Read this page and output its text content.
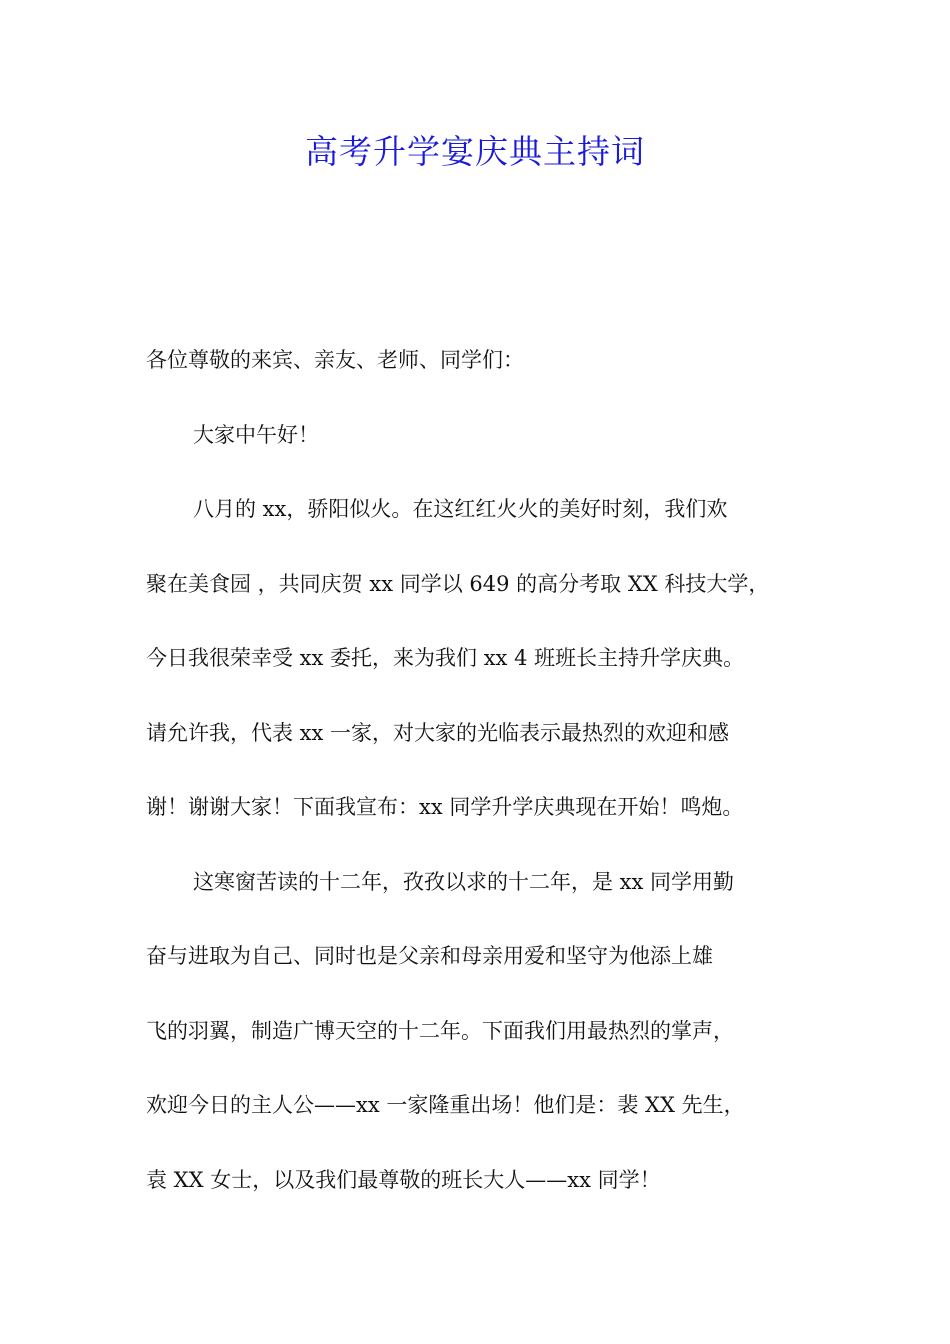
高考升学宴庆典主持词

各位尊敬的来宾、亲友、老师、同学们：

大家中午好！

八月的 xx，骄阳似火。在这红红火火的美好时刻，我们欢

聚在美食园 ，共同庆贺 xx 同学以 649 的高分考取 XX 科技大学，

今日我很荣幸受 xx 委托，来为我们 xx 4 班班长主持升学庆典。

请允许我，代表 xx 一家，对大家的光临表示最热烈的欢迎和感

谢！谢谢大家！下面我宣布：xx 同学升学庆典现在开始！鸣炮。

这寒窗苦读的十二年，孜孜以求的十二年，是 xx 同学用勤

奋与进取为自己、同时也是父亲和母亲用爱和坚守为他添上雄

飞的羽翼，制造广博天空的十二年。下面我们用最热烈的掌声，

欢迎今日的主人公——xx 一家隆重出场！他们是：裴 XX 先生，

袁 XX 女士，以及我们最尊敬的班长大人——xx 同学！
